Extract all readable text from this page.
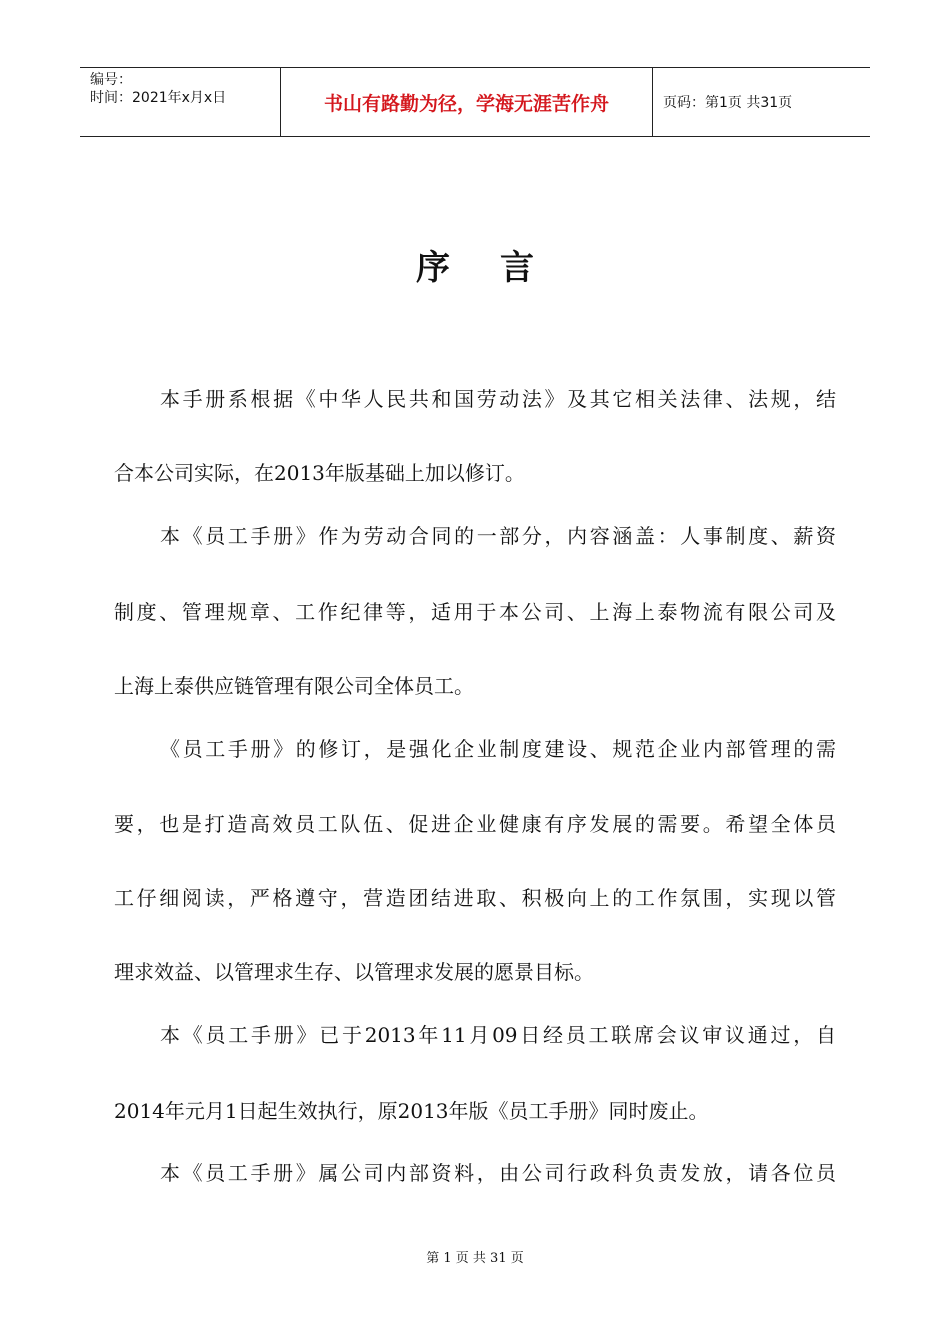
编号：
时间：2021年x月x日	书山有路勤为径，学海无涯苦作舟	页码：第1页 共31页
序言
本手册系根据《中华人民共和国劳动法》及其它相关法律、法规，结
合本公司实际，在2013年版基础上加以修订。
本《员工手册》作为劳动合同的一部分，内容涵盖：人事制度、薪资
制度、管理规章、工作纪律等，适用于本公司、上海上泰物流有限公司及
上海上泰供应链管理有限公司全体员工。
《员工手册》的修订，是强化企业制度建设、规范企业内部管理的需
要，也是打造高效员工队伍、促进企业健康有序发展的需要。希望全体员
工仔细阅读，严格遵守，营造团结进取、积极向上的工作氛围，实现以管
理求效益、以管理求生存、以管理求发展的愿景目标。
本《员工手册》已于2013年11月09日经员工联席会议审议通过，自
2014年元月1日起生效执行，原2013年版《员工手册》同时废止。
本《员工手册》属公司内部资料，由公司行政科负责发放，请各位员
第 1 页 共 31 页
